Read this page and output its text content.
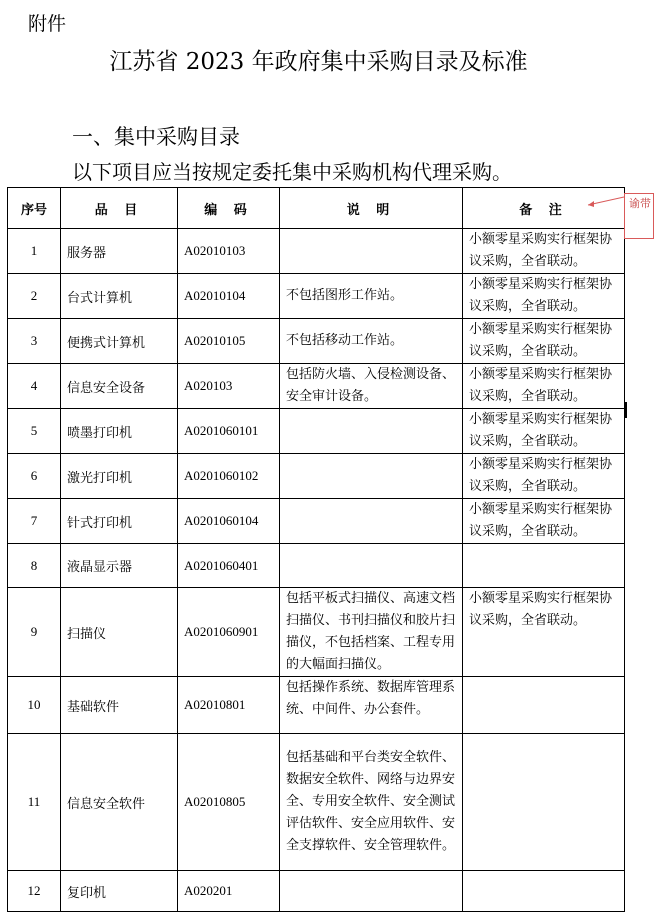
附件
江苏省 2023 年政府集中采购目录及标准
一、集中采购目录
以下项目应当按规定委托集中采购机构代理采购。
序号	品 目	编 码	说 明	备 注
1	服务器	A02010103		小额零星采购实行框架协议采购，全省联动。
2	台式计算机	A02010104	不包括图形工作站。	小额零星采购实行框架协议采购，全省联动。
3	便携式计算机	A02010105	不包括移动工作站。	小额零星采购实行框架协议采购，全省联动。
4	信息安全设备	A020103	包括防火墙、入侵检测设备、安全审计设备。	小额零星采购实行框架协议采购，全省联动。
5	喷墨打印机	A0201060101		小额零星采购实行框架协议采购，全省联动。
6	激光打印机	A0201060102		小额零星采购实行框架协议采购，全省联动。
7	针式打印机	A0201060104		小额零星采购实行框架协议采购，全省联动。
8	液晶显示器	A0201060401		
9	扫描仪	A0201060901	包括平板式扫描仪、高速文档扫描仪、书刊扫描仪和胶片扫描仪，不包括档案、工程专用的大幅面扫描仪。	小额零星采购实行框架协议采购，全省联动。
10	基础软件	A02010801	包括操作系统、数据库管理系统、中间件、办公套件。	
11	信息安全软件	A02010805	包括基础和平台类安全软件、数据安全软件、网络与边界安全、专用安全软件、安全测试评估软件、安全应用软件、安全支撑软件、安全管理软件。	
12	复印机	A020201		
谕带
